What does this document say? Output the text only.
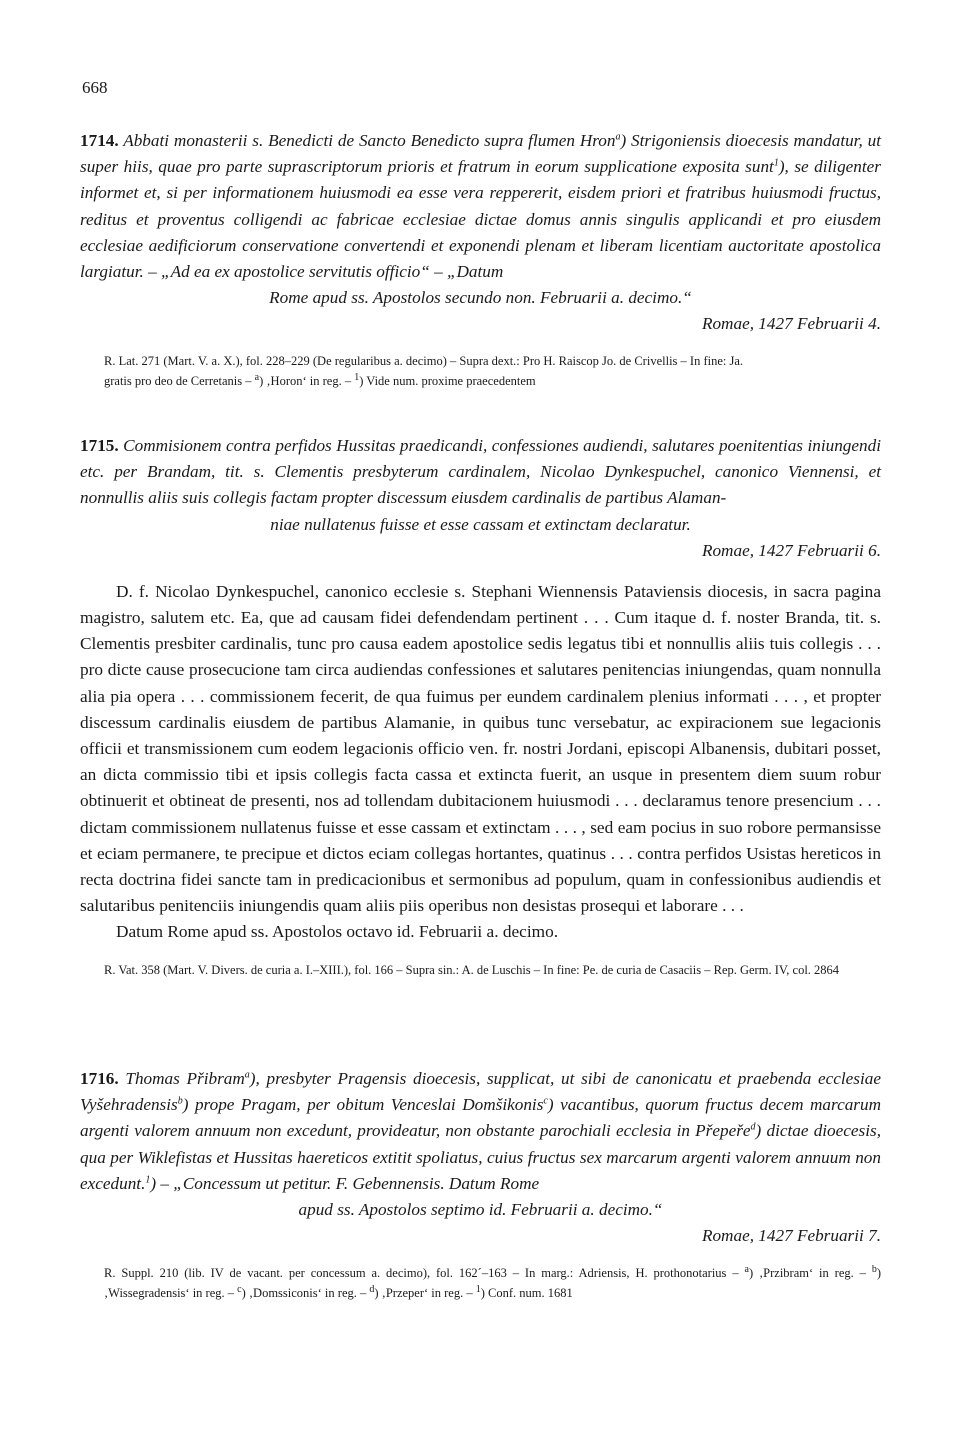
668

1714. Abbati monasterii s. Benedicti de Sancto Benedicto supra flumen Hron$^a$) Strigoniensis dioecesis mandatur, ut super hiis, quae pro parte suprascriptorum prioris et fratrum in eorum supplicatione exposita sunt$^1$), se diligenter informet et, si per informationem huiusmodi ea esse vera reppererit, eisdem priori et fratribus huiusmodi fructus, reditus et proventus colligendi ac fabricae ecclesiae dictae domus annis singulis applicandi et pro eiusdem ecclesiae aedificiorum conservatione convertendi et exponendi plenam et liberam licentiam auctoritate apostolica largiatur. – „Ad ea ex apostolice servitutis officio“ – „Datum
Rome apud ss. Apostolos secundo non. Februarii a. decimo.“

Romae, 1427 Februarii 4.

R. Lat. 271 (Mart. V. a. X.), fol. 228–229 (De regularibus a. decimo) – Supra dext.: Pro H. Raiscop Jo. de Crivellis – In fine: Ja.
gratis pro deo de Cerretanis – $^a$) ‚Horon‘ in reg. – $^1$) Vide num. proxime praecedentem

1715. Commisionem contra perfidos Hussitas praedicandi, confessiones audiendi, salutares poenitentias iniungendi etc. per Brandam, tit. s. Clementis presbyterum cardinalem, Nicolao Dynkespuchel, canonico Viennensi, et nonnullis aliis suis collegis factam propter discessum eiusdem cardinalis de partibus Alaman-
niae nullatenus fuisse et esse cassam et extinctam declaratur.

Romae, 1427 Februarii 6.

D. f. Nicolao Dynkespuchel, canonico ecclesie s. Stephani Wiennensis Pataviensis diocesis, in sacra pagina magistro, salutem etc. Ea, que ad causam fidei defendendam pertinent . . . Cum itaque d. f. noster Branda, tit. s. Clementis presbiter cardinalis, tunc pro causa eadem apostolice sedis legatus tibi et nonnullis aliis tuis collegis . . . pro dicte cause prosecucione tam circa audiendas confessiones et salutares penitencias iniungendas, quam nonnulla alia pia opera . . . commissionem fecerit, de qua fuimus per eundem cardinalem plenius informati . . . , et propter discessum cardinalis eiusdem de partibus Alamanie, in quibus tunc versebatur, ac expiracionem sue legacionis officii et transmissionem cum eodem legacionis officio ven. fr. nostri Jordani, episcopi Albanensis, dubitari posset, an dicta commissio tibi et ipsis collegis facta cassa et extincta fuerit, an usque in presentem diem suum robur obtinuerit et obtineat de presenti, nos ad tollendam dubitacionem huiusmodi . . . declaramus tenore presencium . . . dictam commissionem nullatenus fuisse et esse cassam et extinctam . . . , sed eam pocius in suo robore permansisse et eciam permanere, te precipue et dictos eciam collegas hortantes, quatinus . . . contra perfidos Usistas hereticos in recta doctrina fidei sancte tam in predicacionibus et sermonibus ad populum, quam in confessionibus audiendis et salutaribus penitenciis iniungendis quam aliis piis operibus non desistas prosequi et laborare . . .

Datum Rome apud ss. Apostolos octavo id. Februarii a. decimo.

R. Vat. 358 (Mart. V. Divers. de curia a. I.–XIII.), fol. 166 – Supra sin.: A. de Luschis – In fine: Pe. de curia de Casaciis – Rep. Germ. IV, col. 2864

1716. Thomas Přibram$^a$), presbyter Pragensis dioecesis, supplicat, ut sibi de canonicatu et praebenda ecclesiae Vyšehradensis$^b$) prope Pragam, per obitum Venceslai Domšikonis$^c$) vacantibus, quorum fructus decem marcarum argenti valorem annuum non excedunt, provideatur, non obstante parochiali ecclesia in Přepeře$^d$) dictae dioecesis, qua per Wiklefistas et Hussitas haereticos extitit spoliatus, cuius fructus sex marcarum argenti valorem annuum non excedunt.$^1$) – „Concessum ut petitur. F. Gebennensis. Datum Rome
apud ss. Apostolos septimo id. Februarii a. decimo.“

Romae, 1427 Februarii 7.

R. Suppl. 210 (lib. IV de vacant. per concessum a. decimo), fol. 162´–163 – In marg.: Adriensis, H. prothonotarius – $^a$) ‚Przibram‘ in reg. – $^b$) ‚Wissegradensis‘ in reg. – $^c$) ‚Domssiconis‘ in reg. – $^d$) ‚Przeper‘ in reg. – $^1$) Conf. num. 1681
